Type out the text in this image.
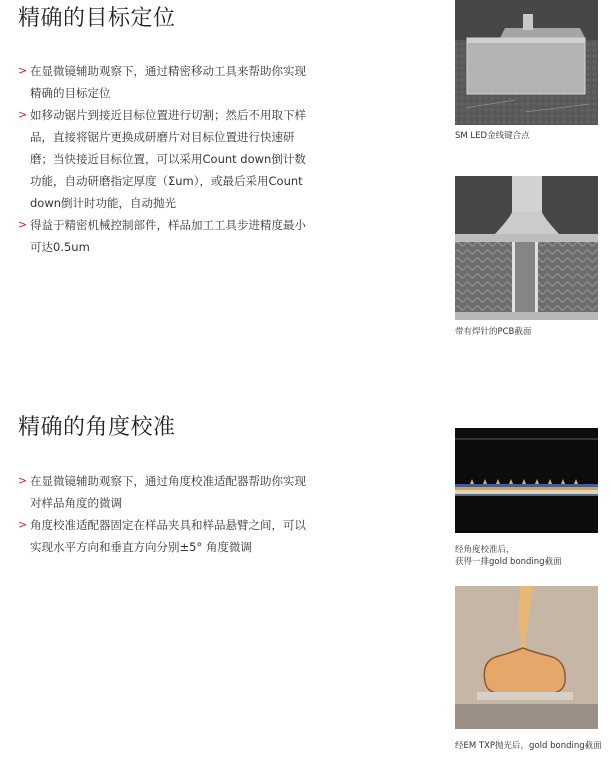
精确的目标定位
> 在显微镜辅助观察下，通过精密移动工具来帮助你实现精确的目标定位
> 如移动锯片到接近目标位置进行切割；然后不用取下样品，直接将锯片更换成研磨片对目标位置进行快速研磨；当快接近目标位置，可以采用Count down倒计数功能，自动研磨指定厚度（Σum），或最后采用Count down倒计时功能，自动抛光
> 得益于精密机械控制部件，样品加工工具步进精度最小可达0.5um
SM LED金线键合点
带有焊针的PCB截面
精确的角度校准
> 在显微镜辅助观察下，通过角度校准适配器帮助你实现对样品角度的微调
> 角度校准适配器固定在样品夹具和样品悬臂之间，可以实现水平方向和垂直方向分别±5° 角度微调	经角度校准后，
获得一排gold bonding截面
经EM TXP抛光后，gold bonding截面
